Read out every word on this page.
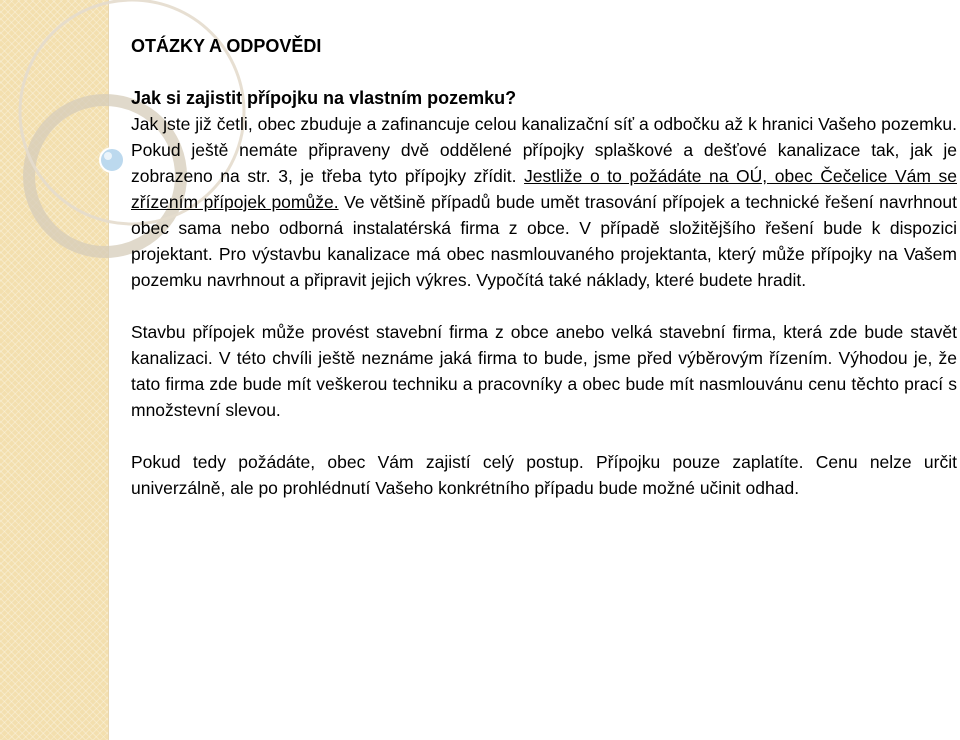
OTÁZKY A ODPOVĚDI

Jak si zajistit přípojku na vlastním pozemku?

Jak jste již četli, obec zbuduje a zafinancuje celou kanalizační síť a odbočku až k hranici Vašeho pozemku. Pokud ještě nemáte připraveny dvě oddělené přípojky splaškové a dešťové kanalizace tak, jak je zobrazeno na str. 3, je třeba tyto přípojky zřídit. Jestliže o to požádáte na OÚ, obec Čečelice Vám se zřízením přípojek pomůže. Ve většině případů bude umět trasování přípojek a technické řešení navrhnout obec sama nebo odborná instalatérská firma z obce. V případě složitějšího řešení bude k dispozici projektant. Pro výstavbu kanalizace má obec nasmlouvaného projektanta, který může přípojky na Vašem pozemku navrhnout a připravit jejich výkres. Vypočítá také náklady, které budete hradit.

Stavbu přípojek může provést stavební firma z obce anebo velká stavební firma, která zde bude stavět kanalizaci. V této chvíli ještě neznáme jaká firma to bude, jsme před výběrovým řízením. Výhodou je, že tato firma zde bude mít veškerou techniku a pracovníky a obec bude mít nasmlouvánu cenu těchto prací s množstevní slevou.

Pokud tedy požádáte, obec Vám zajistí celý postup. Přípojku pouze zaplatíte. Cenu nelze určit univerzálně, ale po prohlédnutí Vašeho konkrétního případu bude možné učinit odhad.
